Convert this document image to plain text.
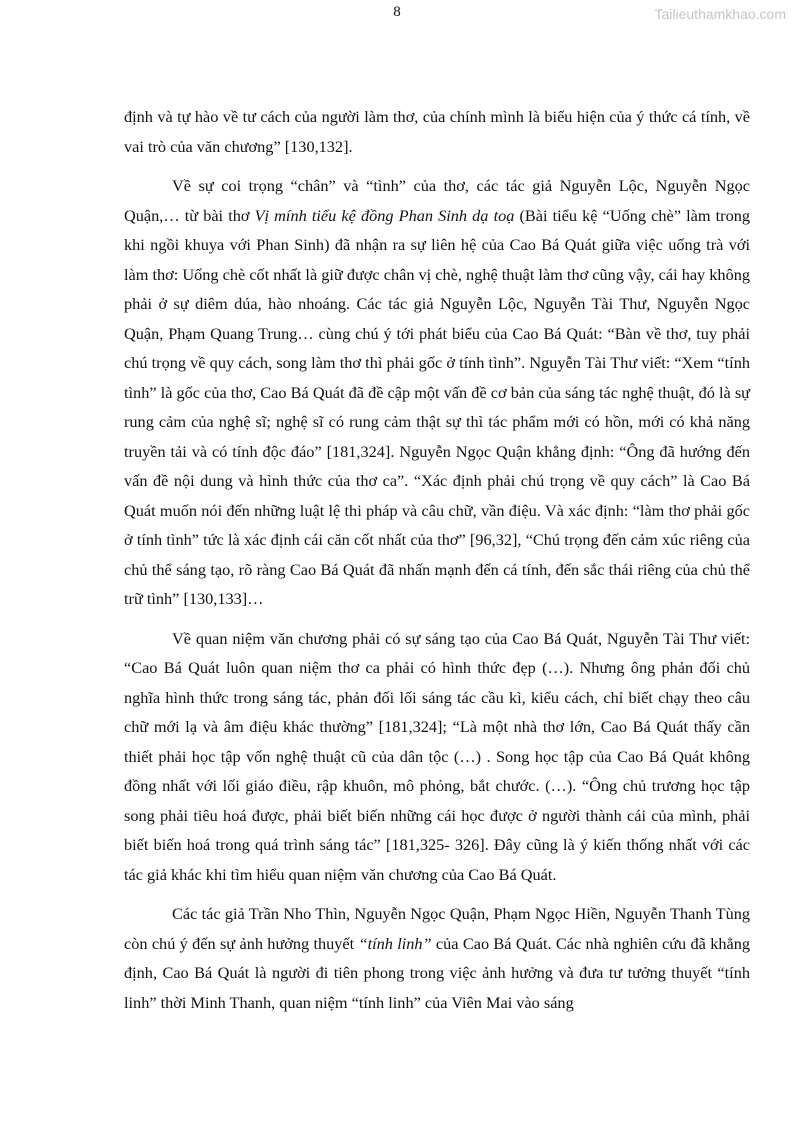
8	Tailieuthamkhao.com

định và tự hào về tư cách của người làm thơ, của chính mình là biểu hiện của ý thức cá tính, về vai trò của văn chương” [130,132].

Về sự coi trọng “chân” và “tình” của thơ, các tác giả Nguyễn Lộc, Nguyễn Ngọc Quận,… từ bài thơ Vị mính tiểu kệ đồng Phan Sinh dạ toạ (Bài tiểu kệ “Uống chè” làm trong khi ngồi khuya với Phan Sinh) đã nhận ra sự liên hệ của Cao Bá Quát giữa việc uống trà với làm thơ: Uống chè cốt nhất là giữ được chân vị chè, nghệ thuật làm thơ cũng vậy, cái hay không phải ở sự diêm dúa, hào nhoáng. Các tác giả Nguyễn Lộc, Nguyễn Tài Thư, Nguyễn Ngọc Quận, Phạm Quang Trung… cùng chú ý tới phát biểu của Cao Bá Quát: “Bàn về thơ, tuy phải chú trọng về quy cách, song làm thơ thì phải gốc ở tính tình”. Nguyễn Tài Thư viết: “Xem “tính tình” là gốc của thơ, Cao Bá Quát đã đề cập một vấn đề cơ bản của sáng tác nghệ thuật, đó là sự rung cảm của nghệ sĩ; nghệ sĩ có rung cảm thật sự thì tác phẩm mới có hồn, mới có khả năng truyền tải và có tính độc đáo” [181,324]. Nguyễn Ngọc Quận khẳng định: “Ông đã hướng đến vấn đề nội dung và hình thức của thơ ca”. “Xác định phải chú trọng về quy cách” là Cao Bá Quát muốn nói đến những luật lệ thi pháp và câu chữ, vần điệu. Và xác định: “làm thơ phải gốc ở tính tình” tức là xác định cái căn cốt nhất của thơ” [96,32], “Chú trọng đến cảm xúc riêng của chủ thể sáng tạo, rõ ràng Cao Bá Quát đã nhấn mạnh đến cá tính, đến sắc thái riêng của chủ thể trữ tình” [130,133]…

Về quan niệm văn chương phải có sự sáng tạo của Cao Bá Quát, Nguyễn Tài Thư viết: “Cao Bá Quát luôn quan niệm thơ ca phải có hình thức đẹp (…). Nhưng ông phản đối chủ nghĩa hình thức trong sáng tác, phản đối lối sáng tác cầu kì, kiểu cách, chỉ biết chạy theo câu chữ mới lạ và âm điệu khác thường” [181,324]; “Là một nhà thơ lớn, Cao Bá Quát thấy cần thiết phải học tập vốn nghệ thuật cũ của dân tộc (…) . Song học tập của Cao Bá Quát không đồng nhất với lối giáo điều, rập khuôn, mô phỏng, bắt chước. (…). “Ông chủ trương học tập song phải tiêu hoá được, phải biết biến những cái học được ở người thành cái của mình, phải biết biến hoá trong quá trình sáng tác” [181,325- 326]. Đây cũng là ý kiến thống nhất với các tác giả khác khi tìm hiểu quan niệm văn chương của Cao Bá Quát.

Các tác giả Trần Nho Thìn, Nguyễn Ngọc Quận, Phạm Ngọc Hiền, Nguyễn Thanh Tùng còn chú ý đến sự ảnh hưởng thuyết “tính linh” của Cao Bá Quát. Các nhà nghiên cứu đã khẳng định, Cao Bá Quát là người đi tiên phong trong việc ảnh hưởng và đưa tư tưởng thuyết “tính linh” thời Minh Thanh, quan niệm “tính linh” của Viên Mai vào sáng
